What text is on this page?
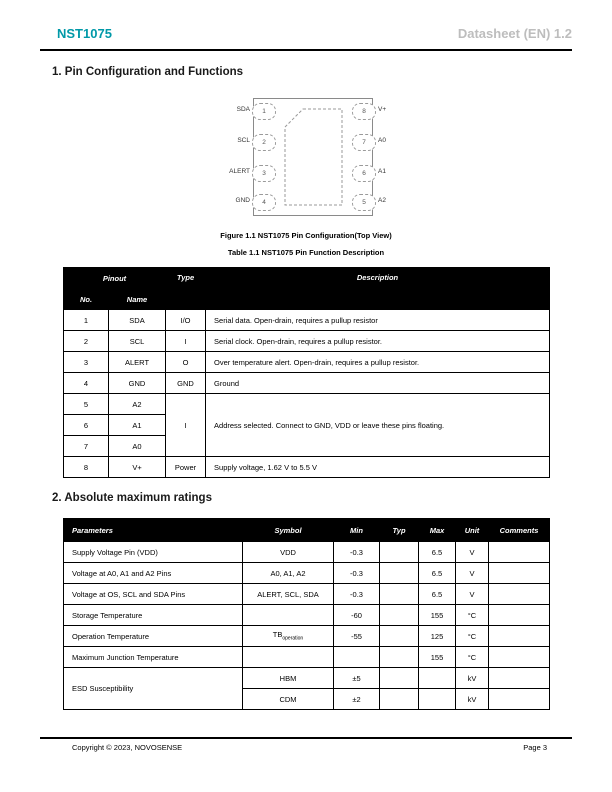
NST1075	Datasheet (EN) 1.2
1. Pin Configuration and Functions
1
2
3
4
SDA
SCL
ALERT
GND
8
7
6
5
V+
A0
A1
A2
Figure 1.1 NST1075 Pin Configuration(Top View)
Table 1.1 NST1075 Pin Function Description
Pinout		Type	Description
No.	Name		
1	SDA	I/O	Serial data. Open-drain, requires a pullup resistor
2	SCL	I	Serial clock. Open-drain, requires a pullup resistor.
3	ALERT	O	Over temperature alert. Open-drain, requires a pullup resistor.
4	GND	GND	Ground
5	A2	I	Address selected. Connect to GND, VDD or leave these pins floating.
6	A1		
7	A0		
8	V+	Power	Supply voltage, 1.62 V to 5.5 V
2. Absolute maximum ratings
Parameters	Symbol	Min	Typ	Max	Unit	Comments
Supply Voltage Pin (VDD)	VDD	-0.3		6.5	V	
Voltage at A0, A1 and A2 Pins	A0, A1, A2	-0.3		6.5	V	
Voltage at OS, SCL and SDA Pins	ALERT, SCL, SDA	-0.3		6.5	V	
Storage Temperature		-60		155	°C	
Operation Temperature	$TB_{operation}$	-55		125	°C	
Maximum Junction Temperature				155	°C	
ESD Susceptibility	HBM	±5			kV	
	CDM	±2			kV	
Copyright © 2023, NOVOSENSE	Page 3
